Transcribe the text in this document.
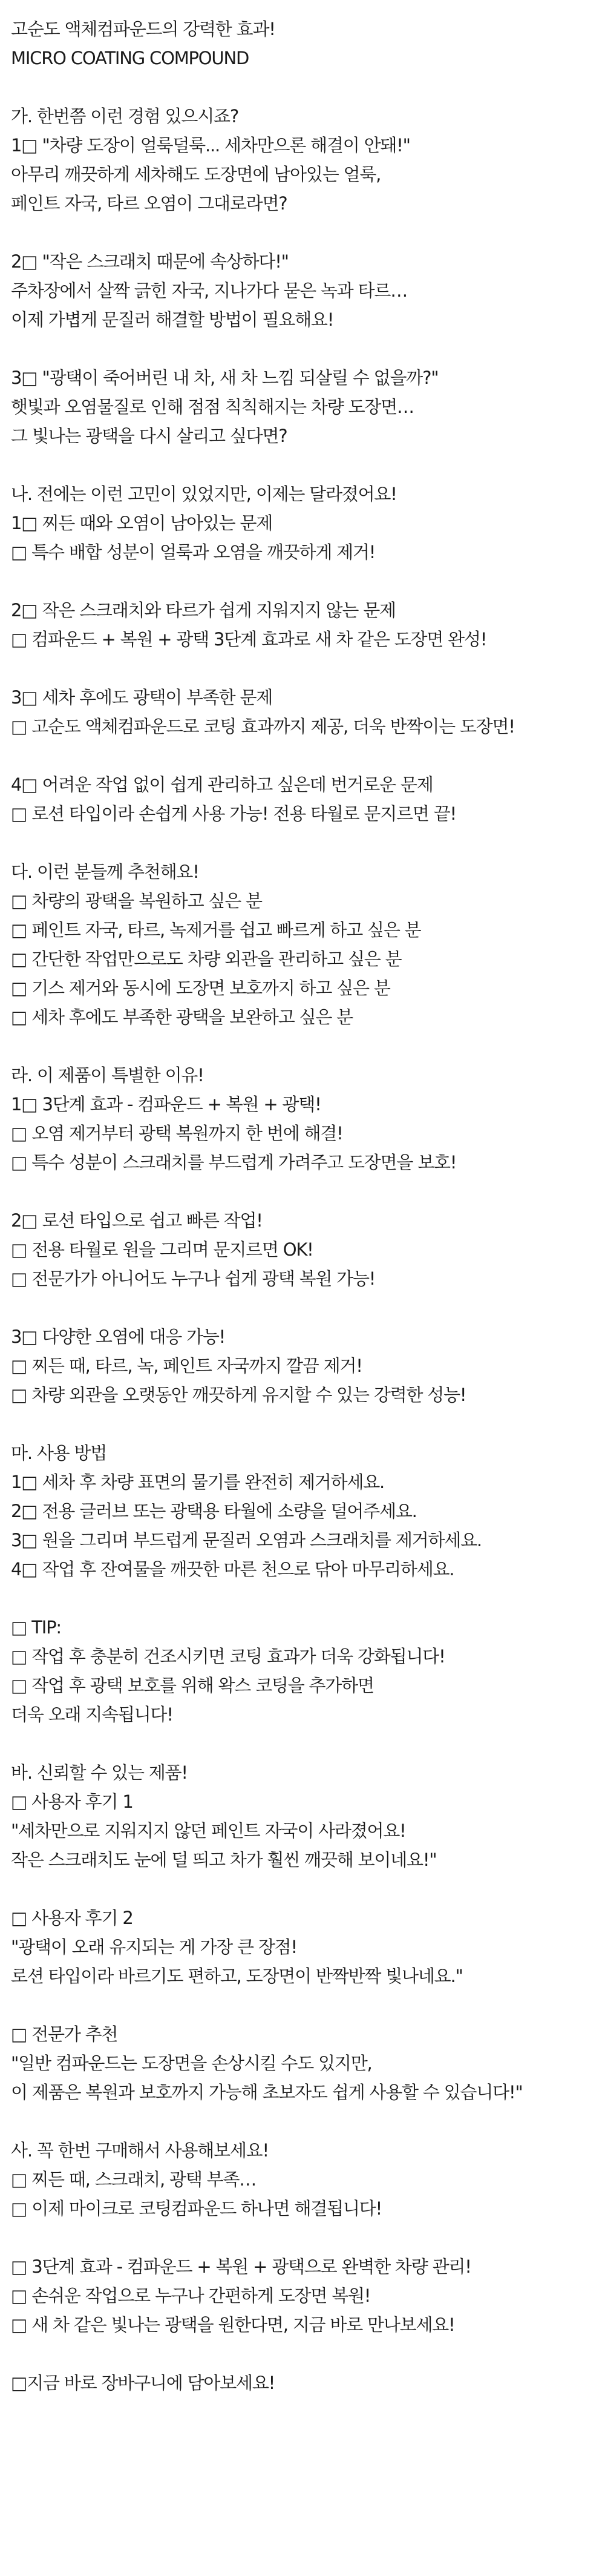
고순도 액체컴파운드의 강력한 효과!
MICRO COATING COMPOUND
가. 한번쯤 이런 경험 있으시죠?
1□ "차량 도장이 얼룩덜룩... 세차만으론 해결이 안돼!"
아무리 깨끗하게 세차해도 도장면에 남아있는 얼룩,
페인트 자국, 타르 오염이 그대로라면?
2□ "작은 스크래치 때문에 속상하다!"
주차장에서 살짝 긁힌 자국, 지나가다 묻은 녹과 타르…
이제 가볍게 문질러 해결할 방법이 필요해요!
3□ "광택이 죽어버린 내 차, 새 차 느낌 되살릴 수 없을까?"
햇빛과 오염물질로 인해 점점 칙칙해지는 차량 도장면…
그 빛나는 광택을 다시 살리고 싶다면?
나. 전에는 이런 고민이 있었지만, 이제는 달라졌어요!
1□ 찌든 때와 오염이 남아있는 문제
□ 특수 배합 성분이 얼룩과 오염을 깨끗하게 제거!
2□ 작은 스크래치와 타르가 쉽게 지워지지 않는 문제
□ 컴파운드 + 복원 + 광택 3단계 효과로 새 차 같은 도장면 완성!
3□ 세차 후에도 광택이 부족한 문제
□ 고순도 액체컴파운드로 코팅 효과까지 제공, 더욱 반짝이는 도장면!
4□ 어려운 작업 없이 쉽게 관리하고 싶은데 번거로운 문제
□ 로션 타입이라 손쉽게 사용 가능! 전용 타월로 문지르면 끝!
다. 이런 분들께 추천해요!
□ 차량의 광택을 복원하고 싶은 분
□ 페인트 자국, 타르, 녹제거를 쉽고 빠르게 하고 싶은 분
□ 간단한 작업만으로도 차량 외관을 관리하고 싶은 분
□ 기스 제거와 동시에 도장면 보호까지 하고 싶은 분
□ 세차 후에도 부족한 광택을 보완하고 싶은 분
라. 이 제품이 특별한 이유!
1□ 3단계 효과 - 컴파운드 + 복원 + 광택!
□ 오염 제거부터 광택 복원까지 한 번에 해결!
□ 특수 성분이 스크래치를 부드럽게 가려주고 도장면을 보호!
2□ 로션 타입으로 쉽고 빠른 작업!
□ 전용 타월로 원을 그리며 문지르면 OK!
□ 전문가가 아니어도 누구나 쉽게 광택 복원 가능!
3□ 다양한 오염에 대응 가능!
□ 찌든 때, 타르, 녹, 페인트 자국까지 깔끔 제거!
□ 차량 외관을 오랫동안 깨끗하게 유지할 수 있는 강력한 성능!
마. 사용 방법
1□ 세차 후 차량 표면의 물기를 완전히 제거하세요.
2□ 전용 글러브 또는 광택용 타월에 소량을 덜어주세요.
3□ 원을 그리며 부드럽게 문질러 오염과 스크래치를 제거하세요.
4□ 작업 후 잔여물을 깨끗한 마른 천으로 닦아 마무리하세요.
□ TIP:
□ 작업 후 충분히 건조시키면 코팅 효과가 더욱 강화됩니다!
□ 작업 후 광택 보호를 위해 왁스 코팅을 추가하면
더욱 오래 지속됩니다!
바. 신뢰할 수 있는 제품!
□ 사용자 후기 1
"세차만으로 지워지지 않던 페인트 자국이 사라졌어요!
작은 스크래치도 눈에 덜 띄고 차가 훨씬 깨끗해 보이네요!"
□ 사용자 후기 2
"광택이 오래 유지되는 게 가장 큰 장점!
로션 타입이라 바르기도 편하고, 도장면이 반짝반짝 빛나네요."
□ 전문가 추천
"일반 컴파운드는 도장면을 손상시킬 수도 있지만,
이 제품은 복원과 보호까지 가능해 초보자도 쉽게 사용할 수 있습니다!"
사. 꼭 한번 구매해서 사용해보세요!
□ 찌든 때, 스크래치, 광택 부족…
□ 이제 마이크로 코팅컴파운드 하나면 해결됩니다!
□ 3단계 효과 - 컴파운드 + 복원 + 광택으로 완벽한 차량 관리!
□ 손쉬운 작업으로 누구나 간편하게 도장면 복원!
□ 새 차 같은 빛나는 광택을 원한다면, 지금 바로 만나보세요!
□지금 바로 장바구니에 담아보세요!
